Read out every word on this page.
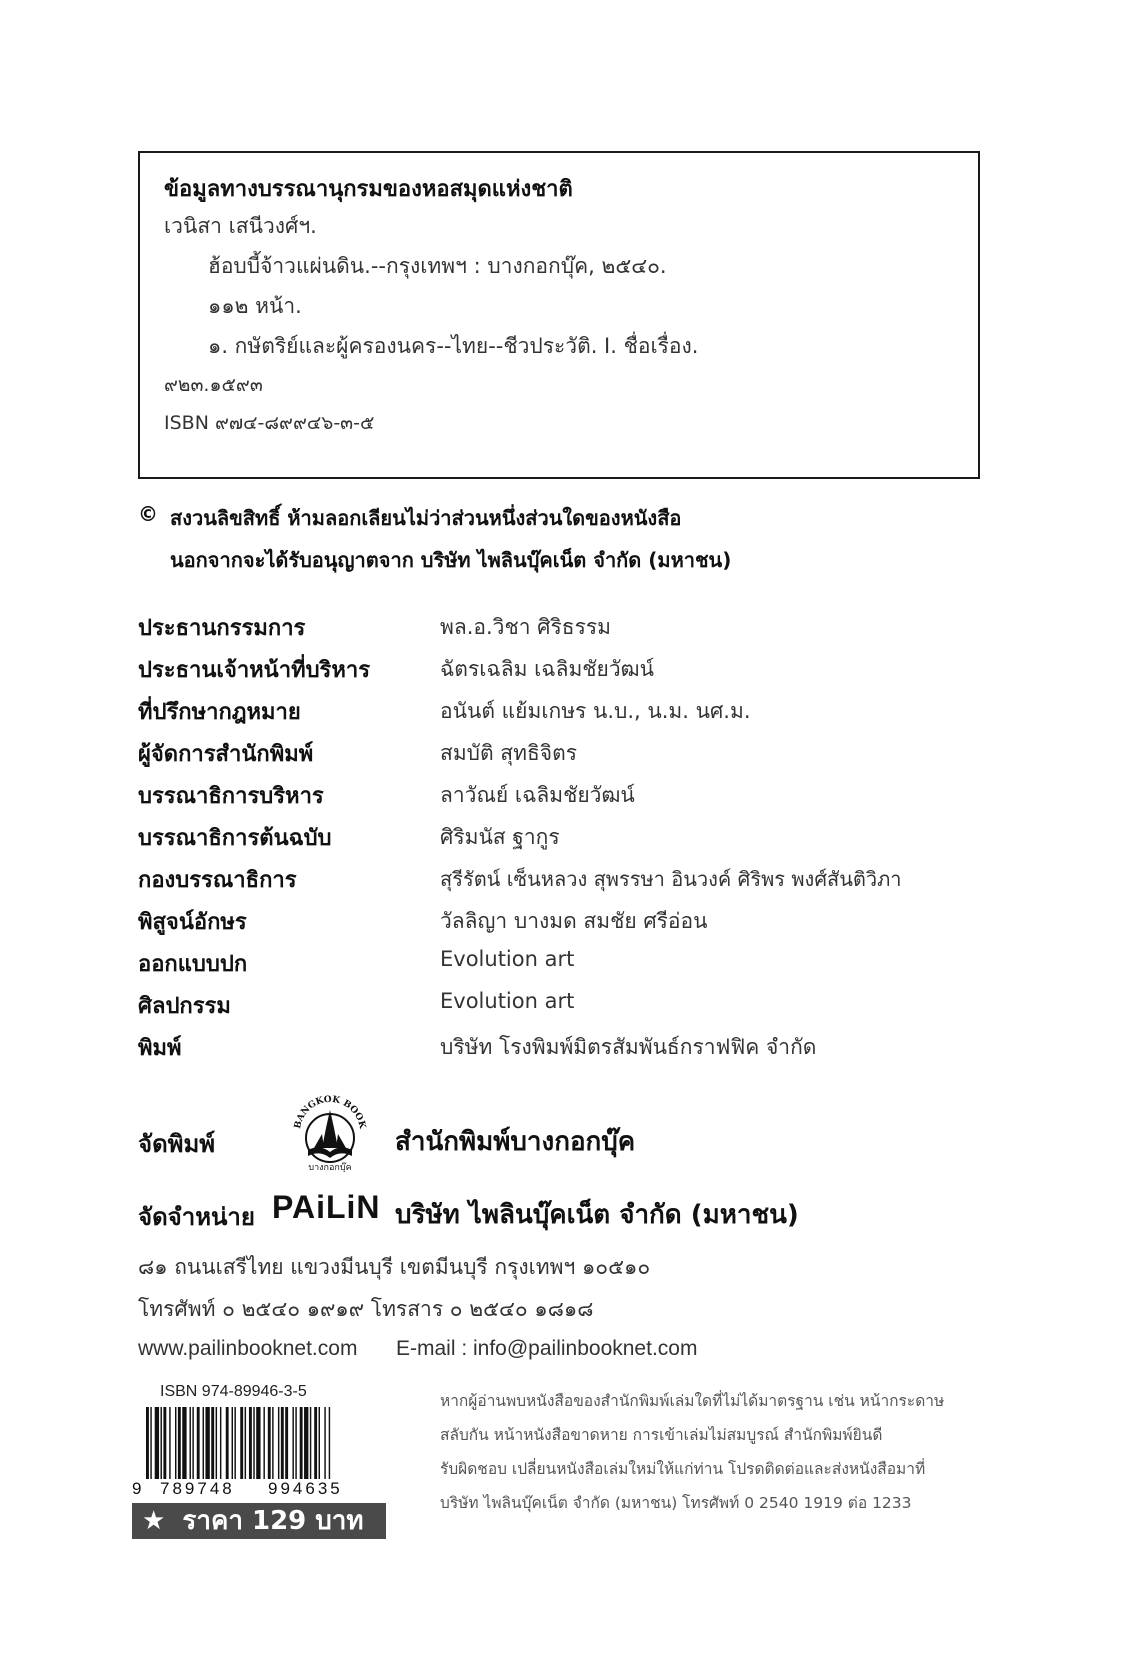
ข้อมูลทางบรรณานุกรมของหอสมุดแห่งชาติ
เวนิสา เสนีวงศ์ฯ.
ฮ้อบบี้จ้าวแผ่นดิน.--กรุงเทพฯ : บางกอกบุ๊ค, ๒๕๔๐.
๑๑๒ หน้า.
๑. กษัตริย์และผู้ครองนคร--ไทย--ชีวประวัติ. I. ชื่อเรื่อง.
๙๒๓.๑๕๙๓
ISBN ๙๗๔-๘๙๙๔๖-๓-๕
© สงวนลิขสิทธิ์ ห้ามลอกเลียนไม่ว่าส่วนหนึ่งส่วนใดของหนังสือ
นอกจากจะได้รับอนุญาตจาก บริษัท ไพลินบุ๊คเน็ต จำกัด (มหาชน)
ประธานกรรมการ	พล.อ.วิชา ศิริธรรม
ประธานเจ้าหน้าที่บริหาร	ฉัตรเฉลิม เฉลิมชัยวัฒน์
ที่ปรึกษากฎหมาย	อนันต์ แย้มเกษร น.บ., น.ม. นศ.ม.
ผู้จัดการสำนักพิมพ์	สมบัติ สุทธิจิตร
บรรณาธิการบริหาร	ลาวัณย์ เฉลิมชัยวัฒน์
บรรณาธิการต้นฉบับ	ศิริมนัส ฐากูร
กองบรรณาธิการ	สุรีรัตน์ เซ็นหลวง สุพรรษา อินวงค์ ศิริพร พงศ์สันติวิภา
พิสูจน์อักษร	วัลลิญา บางมด สมชัย ศรีอ่อน
ออกแบบปก	Evolution art
ศิลปกรรม	Evolution art
พิมพ์	บริษัท โรงพิมพ์มิตรสัมพันธ์กราฟฟิค จำกัด
จัดพิมพ์
BANGKOK BOOK
บางกอกบุ๊ค
สำนักพิมพ์บางกอกบุ๊ค
จัดจำหน่าย PAiLiN บริษัท ไพลินบุ๊คเน็ต จำกัด (มหาชน)
๘๑ ถนนเสรีไทย แขวงมีนบุรี เขตมีนบุรี กรุงเทพฯ ๑๐๕๑๐
โทรศัพท์ ๐ ๒๕๔๐ ๑๙๑๙ โทรสาร ๐ ๒๕๔๐ ๑๘๑๘
www.pailinbooknet.com E-mail : info@pailinbooknet.com
ISBN 974-89946-3-5
9 789748 994635
★ ราคา 129 บาท
หากผู้อ่านพบหนังสือของสำนักพิมพ์เล่มใดที่ไม่ได้มาตรฐาน เช่น หน้ากระดาษ
สลับกัน หน้าหนังสือขาดหาย การเข้าเล่มไม่สมบูรณ์ สำนักพิมพ์ยินดี
รับผิดชอบ เปลี่ยนหนังสือเล่มใหม่ให้แก่ท่าน โปรดติดต่อและส่งหนังสือมาที่
บริษัท ไพลินบุ๊คเน็ต จำกัด (มหาชน) โทรศัพท์ 0 2540 1919 ต่อ 1233
